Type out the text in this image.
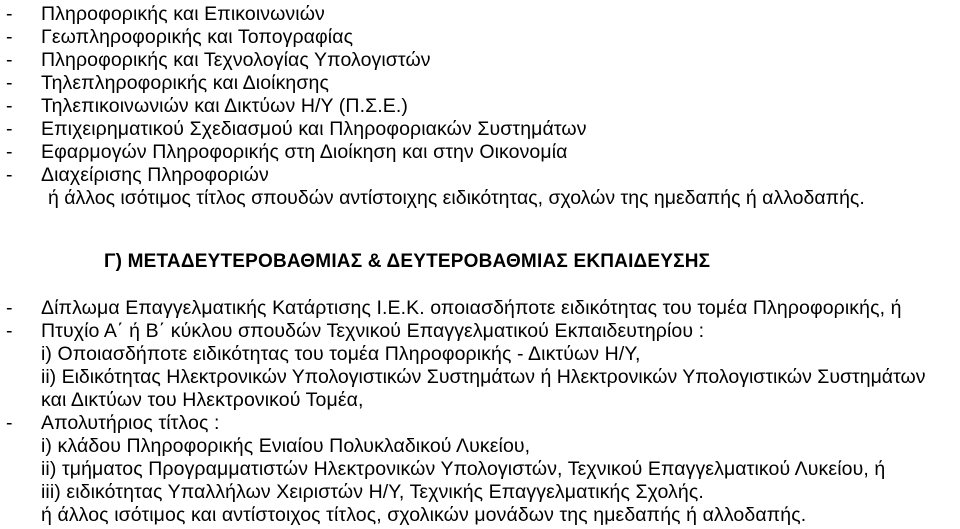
- Πληροφορικής και Επικοινωνιών
- Γεωπληροφορικής και Τοπογραφίας
- Πληροφορικής και Τεχνολογίας Υπολογιστών
- Τηλεπληροφορικής και Διοίκησης
- Τηλεπικοινωνιών και Δικτύων Η/Υ (Π.Σ.Ε.)
- Επιχειρηματικού Σχεδιασμού και Πληροφοριακών Συστημάτων
- Εφαρμογών Πληροφορικής στη Διοίκηση και στην Οικονομία
- Διαχείρισης Πληροφοριών
ή άλλος ισότιμος τίτλος σπουδών αντίστοιχης ειδικότητας, σχολών της ημεδαπής ή αλλοδαπής.
Γ) ΜΕΤΑΔΕΥΤΕΡΟΒΑΘΜΙΑΣ & ΔΕΥΤΕΡΟΒΑΘΜΙΑΣ ΕΚΠΑΙΔΕΥΣΗΣ
- Δίπλωμα Επαγγελματικής Κατάρτισης Ι.Ε.Κ. οποιασδήποτε ειδικότητας του τομέα Πληροφορικής, ή
- Πτυχίο Α΄ ή Β΄ κύκλου σπουδών Τεχνικού Επαγγελματικού Εκπαιδευτηρίου :
i) Οποιασδήποτε ειδικότητας του τομέα Πληροφορικής - Δικτύων Η/Υ,
ii) Ειδικότητας Ηλεκτρονικών Υπολογιστικών Συστημάτων ή Ηλεκτρονικών Υπολογιστικών Συστημάτων
και Δικτύων του Ηλεκτρονικού Τομέα,
- Απολυτήριος τίτλος :
i) κλάδου Πληροφορικής Ενιαίου Πολυκλαδικού Λυκείου,
ii) τμήματος Προγραμματιστών Ηλεκτρονικών Υπολογιστών, Τεχνικού Επαγγελματικού Λυκείου, ή
iii) ειδικότητας Υπαλλήλων Χειριστών Η/Υ, Τεχνικής Επαγγελματικής Σχολής.
ή άλλος ισότιμος και αντίστοιχος τίτλος, σχολικών μονάδων της ημεδαπής ή αλλοδαπής.
